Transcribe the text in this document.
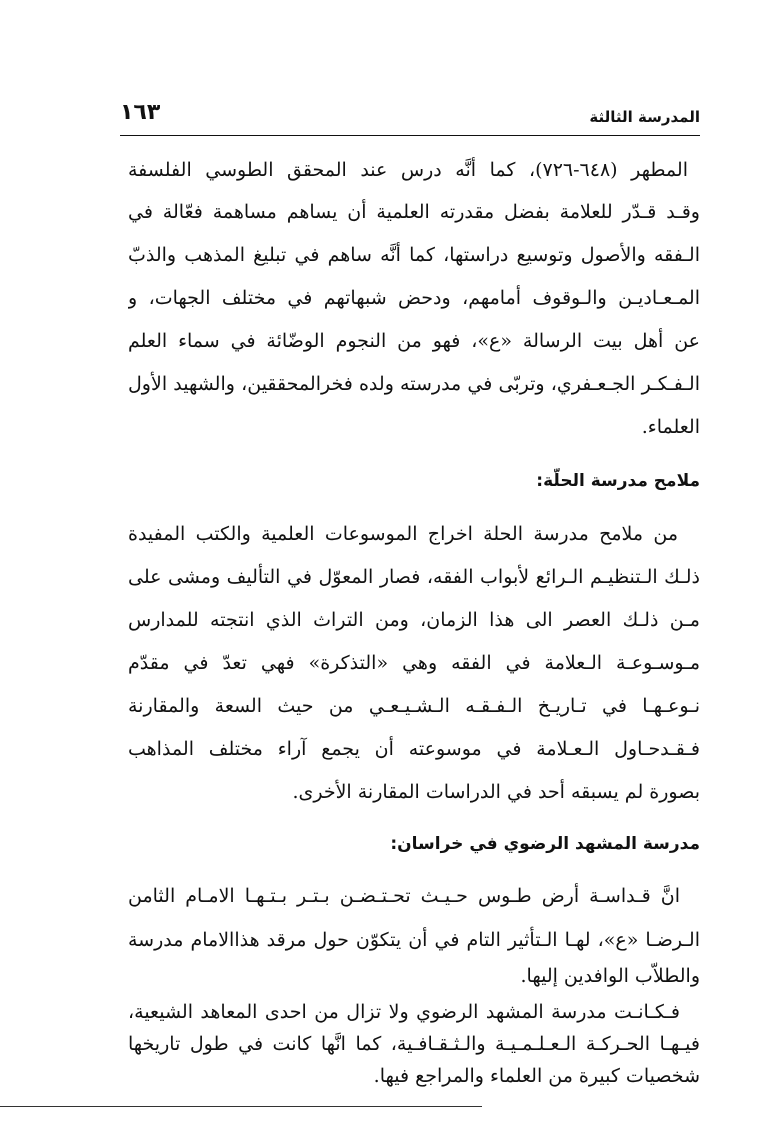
المدرسة الثالثة
١٦٣
المطهر (٦٤٨-٧٢٦)، كما أنَّه درس عند المحقق الطوسي الفلسفة
وقـد قـدّر للعلامة بفضل مقدرته العلمية أن يساهم مساهمة فعّالة في
الـفقه والأصول وتوسيع دراستها، كما أنَّه ساهم في تبليغ المذهب والذبّ
المـعـاديـن والـوقوف أمامهم، ودحض شبهاتهم في مختلف الجهات، و
عن أهل بيت الرسالة «ع»، فهو من النجوم الوضّائة في سماء العلم
الـفـكـر الجـعـفري، وتربّى في مدرسته ولده فخرالمحققين، والشهيد الأول
العلماء.
ملامح مدرسة الحلّة:
من ملامح مدرسة الحلة اخراج الموسوعات العلمية والكتب المفيدة
ذلـك الـتنظيـم الـرائع لأبواب الفقه، فصار المعوّل في التأليف ومشى على
مـن ذلـك العصر الى هذا الزمان، ومن التراث الذي انتجته للمدارس
مـوسـوعـة الـعلامة في الفقه وهي «التذكرة» فهي تعدّ في مقدّم
نـوعـهـا في تـاريـخ الـفـقـه الـشـيـعـي من حيث السعة والمقارنة
فـقـدحـاول الـعـلامة في موسوعته أن يجمع آراء مختلف المذاهب
بصورة لم يسبقه أحد في الدراسات المقارنة الأخرى.
مدرسة المشهد الرضوي في خراسان:
انَّ قـداسـة أرض طـوس حـيـث تحـتـضـن بـتـر بـتـهـا الامـام الثامن
الـرضـا «ع»، لهـا الـتأثير التام في أن يتكوّن حول مرقد هذاالامام مدرسة
والطلاّب الوافدين إليها.
فـكـانـت مدرسة المشهد الرضوي ولا تزال من احدى المعاهد الشيعية،
فيـهـا الحـركـة الـعـلـمـيـة والـثـقـافـية، كما انَّها كانت في طول تاريخها
شخصيات كبيرة من العلماء والمراجع فيها.
